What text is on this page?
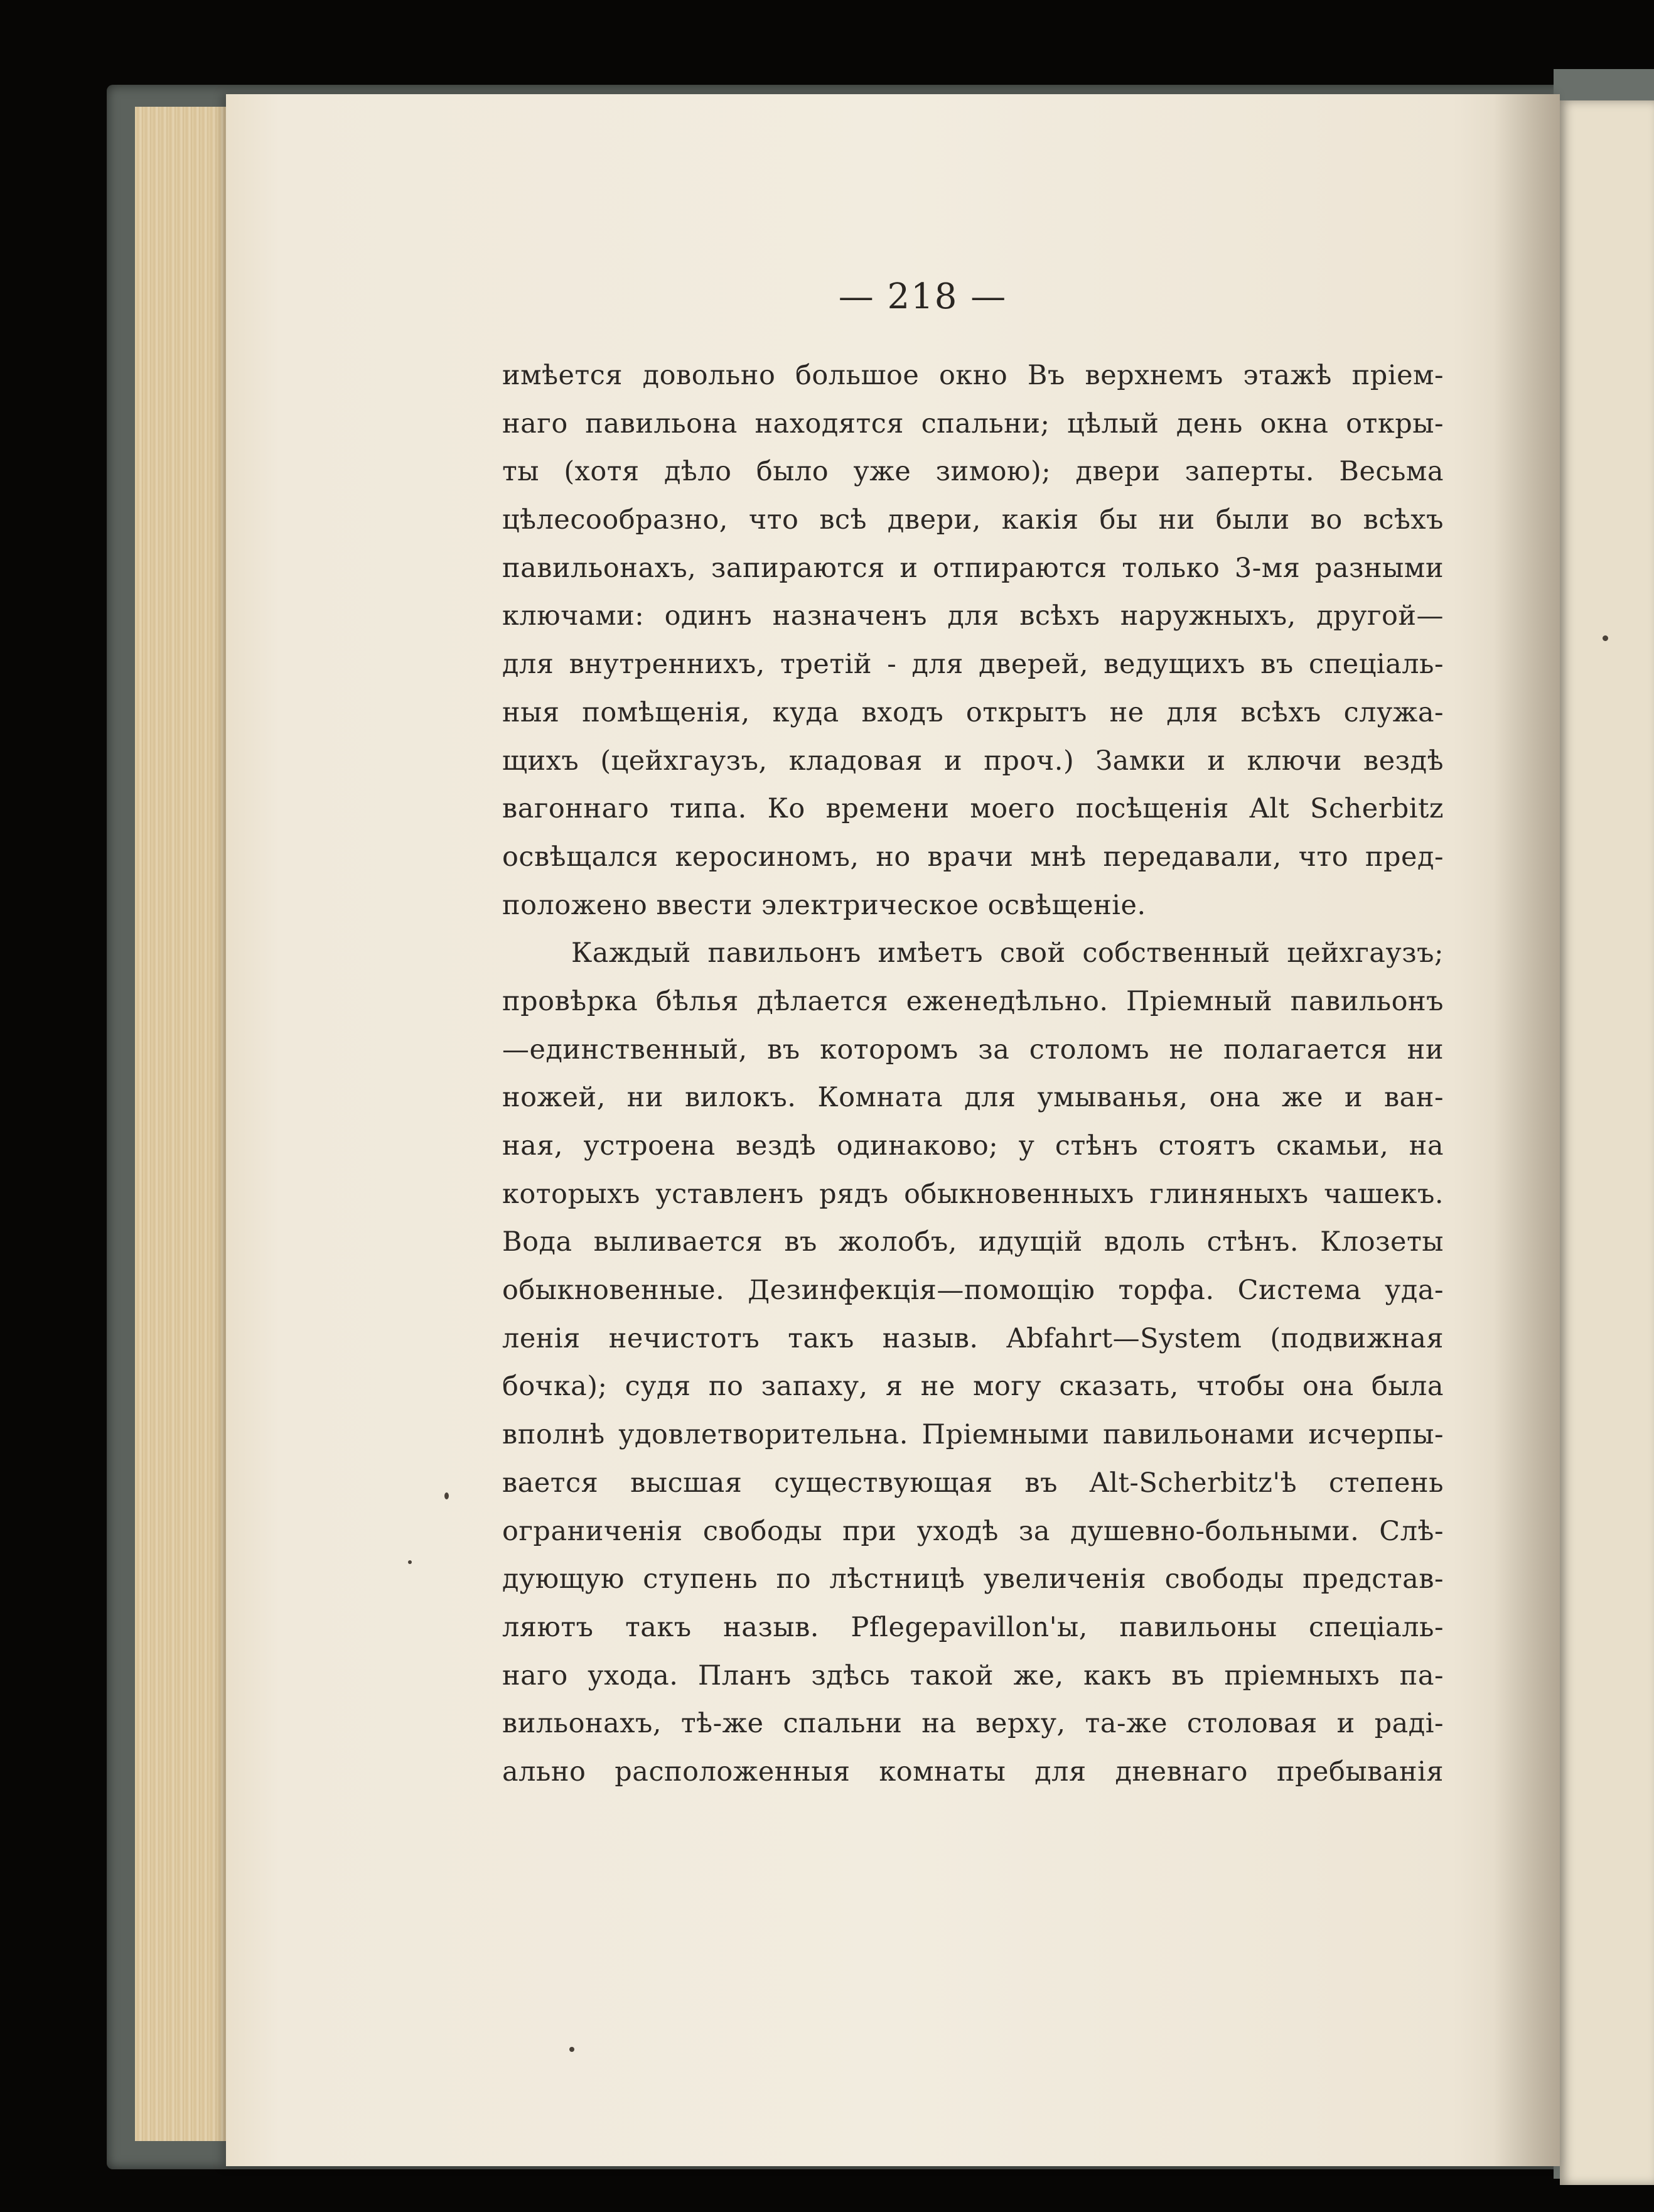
— 218 —
имѣется довольно большое окно Въ верхнемъ этажѣ пріем-
наго павильона находятся спальни; цѣлый день окна откры-
ты (хотя дѣло было уже зимою); двери заперты. Весьма
цѣлесообразно, что всѣ двери, какія бы ни были во всѣхъ
павильонахъ, запираются и отпираются только 3-мя разными
ключами: одинъ назначенъ для всѣхъ наружныхъ, другой—
для внутреннихъ, третій - для дверей, ведущихъ въ спеціаль-
ныя помѣщенія, куда входъ открытъ не для всѣхъ служа-
щихъ (цейхгаузъ, кладовая и проч.) Замки и ключи вездѣ
вагоннаго типа. Ко времени моего посѣщенія Alt Scherbitz
освѣщался керосиномъ, но врачи мнѣ передавали, что пред-
положено ввести электрическое освѣщеніе.
Каждый павильонъ имѣетъ свой собственный цейхгаузъ;
провѣрка бѣлья дѣлается еженедѣльно. Пріемный павильонъ
—единственный, въ которомъ за столомъ не полагается ни
ножей, ни вилокъ. Комната для умыванья, она же и ван-
ная, устроена вездѣ одинаково; у стѣнъ стоятъ скамьи, на
которыхъ уставленъ рядъ обыкновенныхъ глиняныхъ чашекъ.
Вода выливается въ жолобъ, идущій вдоль стѣнъ. Клозеты
обыкновенные. Дезинфекція—помощію торфа. Система уда-
ленія нечистотъ такъ назыв. Abfahrt—System (подвижная
бочка); судя по запаху, я не могу сказать, чтобы она была
вполнѣ удовлетворительна. Пріемными павильонами исчерпы-
вается высшая существующая въ Alt-Scherbitz'ѣ степень
ограниченія свободы при уходѣ за душевно-больными. Слѣ-
дующую ступень по лѣстницѣ увеличенія свободы представ-
ляютъ такъ назыв. Pflegepavillon'ы, павильоны спеціаль-
наго ухода. Планъ здѣсь такой же, какъ въ пріемныхъ па-
вильонахъ, тѣ-же спальни на верху, та-же столовая и раді-
ально расположенныя комнаты для дневнаго пребыванія
